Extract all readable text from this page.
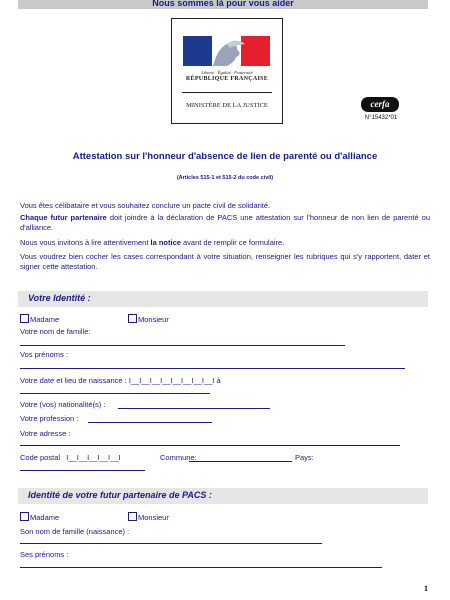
Nous sommes là pour vous aider
Liberté · Égalité · Fraternité
RÉPUBLIQUE FRANÇAISE
MINISTÈRE DE LA JUSTICE	cerfa
N°15432*01
Attestation sur l'honneur d'absence de lien de parenté ou d'alliance
(Articles 515-1 et 515-2 du code civil)
Vous êtes célibataire et vous souhaitez conclure un pacte civil de solidarité.
Chaque futur partenaire doit joindre à la déclaration de PACS une attestation sur l'honneur de non lien de parenté ou d'alliance.
Nous vous invitons à lire attentivement la notice avant de remplir ce formulaire.
Vous voudrez bien cocher les cases correspondant à votre situation, renseigner les rubriques qui s'y rapportent, dater et signer cette attestation.
Votre Identité :
Madame	Monsieur
Votre nom de famille:
Vos prénoms :
Votre date et lieu de naissance : I__I__I__I__I__I__I__I__I à
Votre (vos) nationalité(s) :
Votre profession :
Votre adresse :
Code postal I__I__I__I__I__I	Commune:	Pays:
Identité de votre futur partenaire de PACS :
Madame	Monsieur
Son nom de famille (naissance) :
Ses prénoms :
1
